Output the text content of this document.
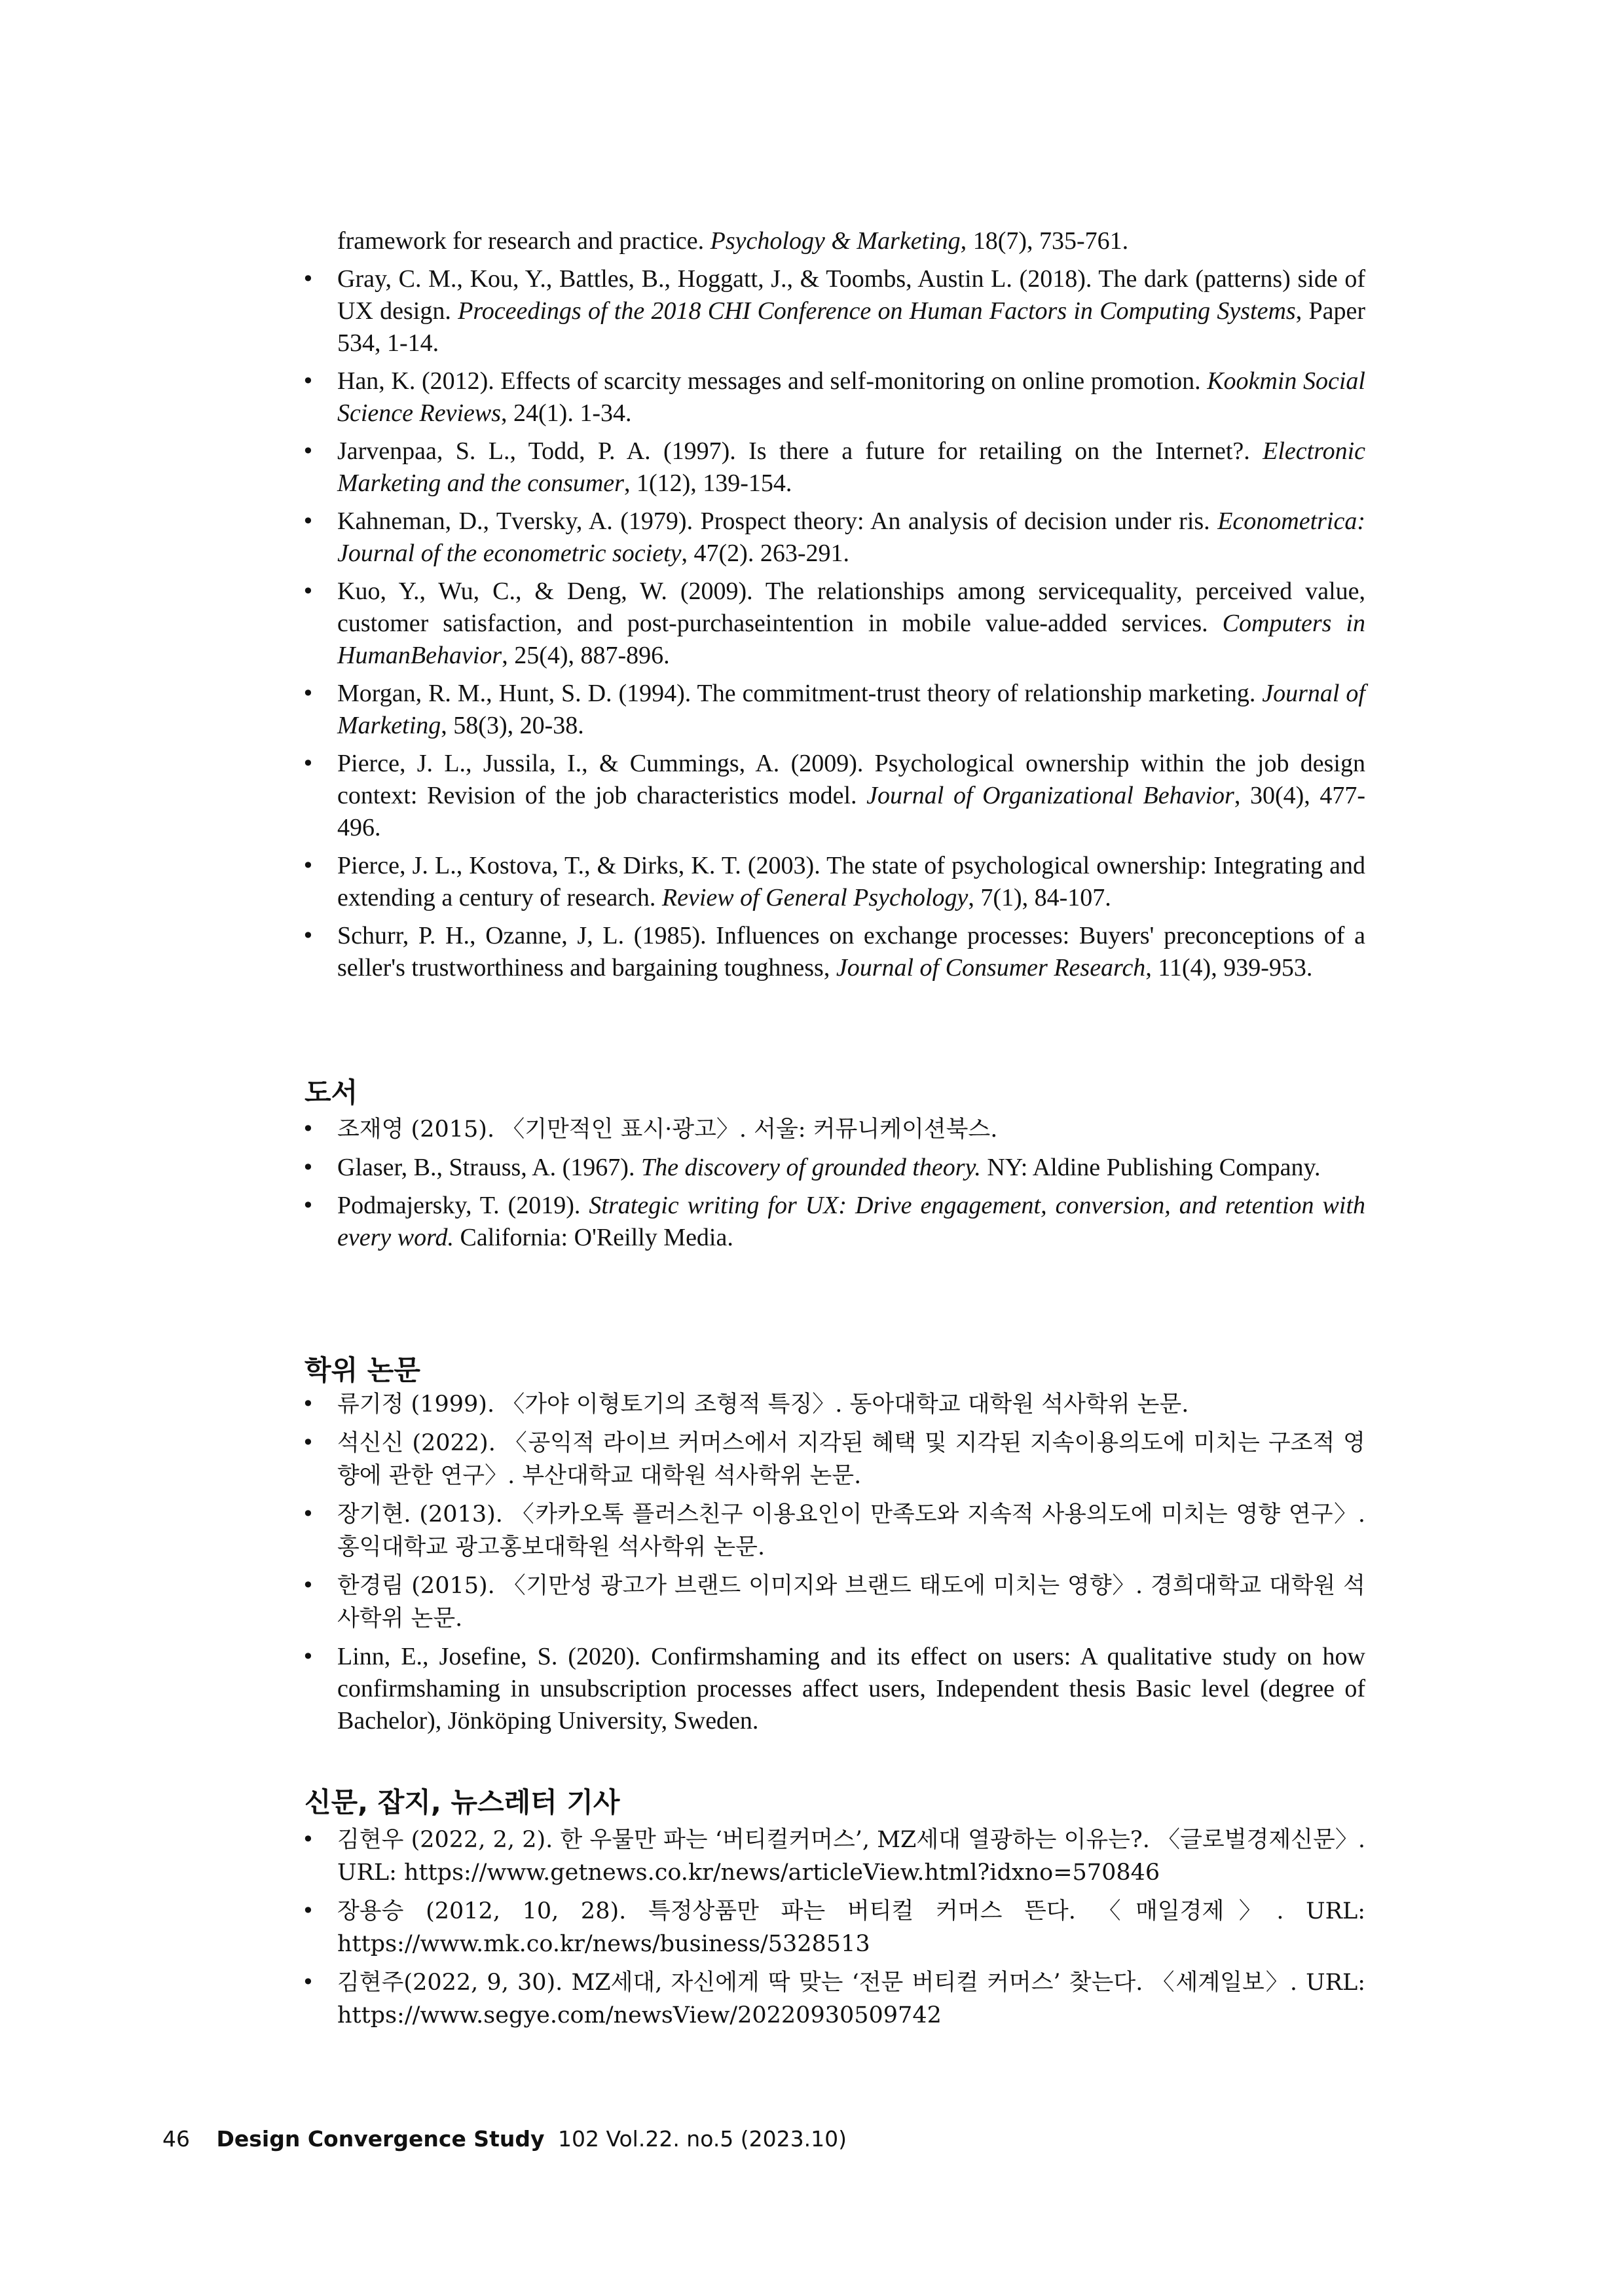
framework for research and practice. Psychology & Marketing, 18(7), 735-761.
• Gray, C. M., Kou, Y., Battles, B., Hoggatt, J., & Toombs, Austin L. (2018). The dark (patterns) side of UX design. Proceedings of the 2018 CHI Conference on Human Factors in Computing Systems, Paper 534, 1-14.
• Han, K. (2012). Effects of scarcity messages and self-monitoring on online promotion. Kookmin Social Science Reviews, 24(1). 1-34.
• Jarvenpaa, S. L., Todd, P. A. (1997). Is there a future for retailing on the Internet?. Electronic Marketing and the consumer, 1(12), 139-154.
• Kahneman, D., Tversky, A. (1979). Prospect theory: An analysis of decision under ris. Econometrica: Journal of the econometric society, 47(2). 263-291.
• Kuo, Y., Wu, C., & Deng, W. (2009). The relationships among servicequality, perceived value, customer satisfaction, and post-purchaseintention in mobile value-added services. Computers in HumanBehavior, 25(4), 887-896.
• Morgan, R. M., Hunt, S. D. (1994). The commitment-trust theory of relationship marketing. Journal of Marketing, 58(3), 20-38.
• Pierce, J. L., Jussila, I., & Cummings, A. (2009). Psychological ownership within the job design context: Revision of the job characteristics model. Journal of Organizational Behavior, 30(4), 477-496.
• Pierce, J. L., Kostova, T., & Dirks, K. T. (2003). The state of psychological ownership: Integrating and extending a century of research. Review of General Psychology, 7(1), 84-107.
• Schurr, P. H., Ozanne, J, L. (1985). Influences on exchange processes: Buyers' preconceptions of a seller's trustworthiness and bargaining toughness, Journal of Consumer Research, 11(4), 939-953.
도서
• 조재영 (2015). 〈기만적인 표시·광고〉. 서울: 커뮤니케이션북스.
• Glaser, B., Strauss, A. (1967). The discovery of grounded theory. NY: Aldine Publishing Company.
• Podmajersky, T. (2019). Strategic writing for UX: Drive engagement, conversion, and retention with every word. California: O'Reilly Media.
학위 논문
• 류기정 (1999). 〈가야 이형토기의 조형적 특징〉. 동아대학교 대학원 석사학위 논문.
• 석신신 (2022). 〈공익적 라이브 커머스에서 지각된 혜택 및 지각된 지속이용의도에 미치는 구조적 영향에 관한 연구〉. 부산대학교 대학원 석사학위 논문.
• 장기현. (2013). 〈카카오톡 플러스친구 이용요인이 만족도와 지속적 사용의도에 미치는 영향 연구〉. 홍익대학교 광고홍보대학원 석사학위 논문.
• 한경림 (2015). 〈기만성 광고가 브랜드 이미지와 브랜드 태도에 미치는 영향〉. 경희대학교 대학원 석사학위 논문.
• Linn, E., Josefine, S. (2020). Confirmshaming and its effect on users: A qualitative study on how confirmshaming in unsubscription processes affect users, Independent thesis Basic level (degree of Bachelor), Jönköping University, Sweden.
신문, 잡지, 뉴스레터 기사
• 김현우 (2022, 2, 2). 한 우물만 파는 ‘버티컬커머스’, MZ세대 열광하는 이유는?. 〈글로벌경제신문〉. URL: https://www.getnews.co.kr/news/articleView.html?idxno=570846
• 장용승 (2012, 10, 28). 특정상품만 파는 버티컬 커머스 뜬다. 〈매일경제〉. URL: https://www.mk.co.kr/news/business/5328513
• 김현주(2022, 9, 30). MZ세대, 자신에게 딱 맞는 ‘전문 버티컬 커머스’ 찾는다. 〈세계일보〉. URL: https://www.segye.com/newsView/20220930509742
46 Design Convergence Study 102 Vol.22. no.5 (2023.10)
